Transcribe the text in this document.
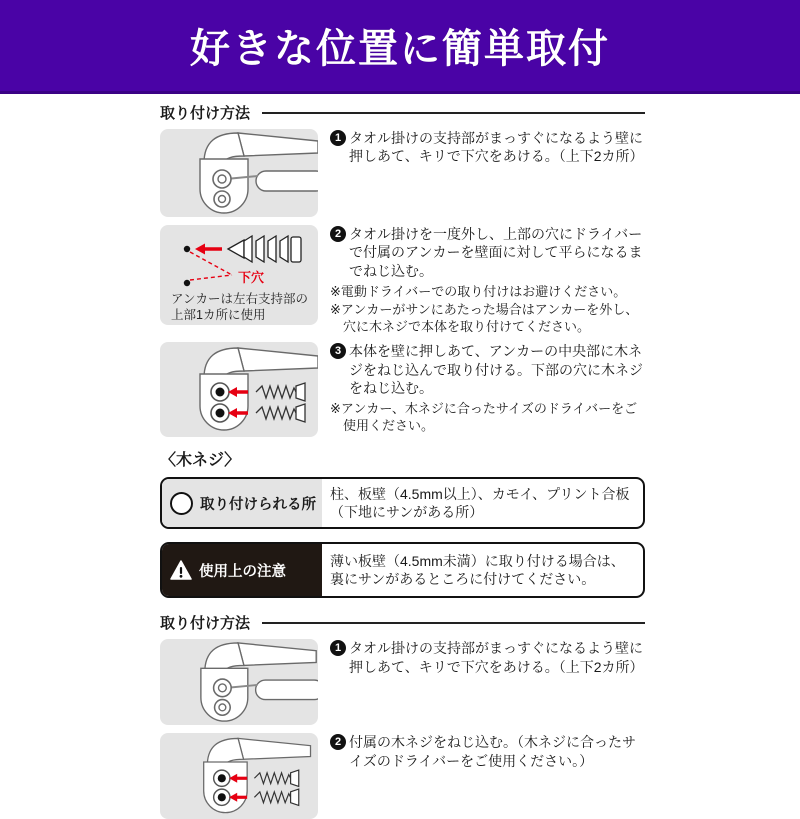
好きな位置に簡単取付
取り付け方法
1 タオル掛けの支持部がまっすぐになるよう壁に押しあて、キリで下穴をあける。（上下2カ所）
下穴
アンカーは左右支持部の上部1カ所に使用
2 タオル掛けを一度外し、上部の穴にドライバーで付属のアンカーを壁面に対して平らになるまでねじ込む。
※電動ドライバーでの取り付けはお避けください。
※アンカーがサンにあたった場合はアンカーを外し、穴に木ネジで本体を取り付けてください。
3 本体を壁に押しあて、アンカーの中央部に木ネジをねじ込んで取り付ける。下部の穴に木ネジをねじ込む。
※アンカー、木ネジに合ったサイズのドライバーをご使用ください。
〈木ネジ〉
取り付けられる所
柱、板壁（4.5mm以上）、カモイ、プリント合板（下地にサンがある所）
使用上の注意
薄い板壁（4.5mm未満）に取り付ける場合は、裏にサンがあるところに付けてください。
取り付け方法
1 タオル掛けの支持部がまっすぐになるよう壁に押しあて、キリで下穴をあける。（上下2カ所）
2 付属の木ネジをねじ込む。（木ネジに合ったサイズのドライバーをご使用ください。）
